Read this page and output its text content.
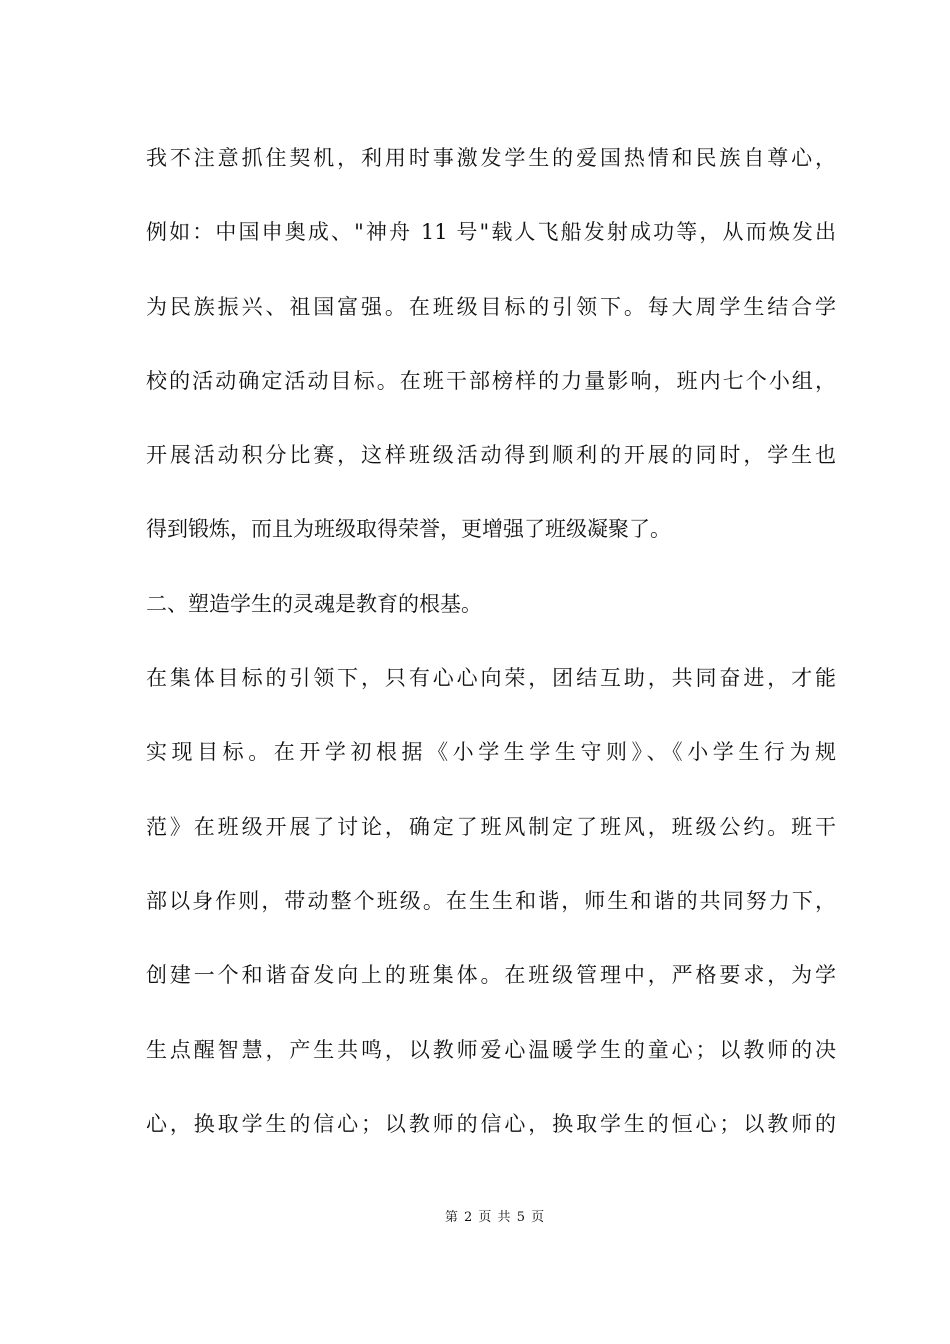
我不注意抓住契机，利用时事激发学生的爱国热情和民族自尊心，
例如：中国申奥成、"神舟 11 号"载人飞船发射成功等，从而焕发出
为民族振兴、祖国富强。在班级目标的引领下。每大周学生结合学
校的活动确定活动目标。在班干部榜样的力量影响，班内七个小组，
开展活动积分比赛，这样班级活动得到顺利的开展的同时，学生也
得到锻炼，而且为班级取得荣誉，更增强了班级凝聚了。
二、塑造学生的灵魂是教育的根基。
在集体目标的引领下，只有心心向荣，团结互助，共同奋进，才能
实现目标。在开学初根据《小学生学生守则》、《小学生行为规
范》在班级开展了讨论，确定了班风制定了班风，班级公约。班干
部以身作则，带动整个班级。在生生和谐，师生和谐的共同努力下，
创建一个和谐奋发向上的班集体。在班级管理中，严格要求，为学
生点醒智慧，产生共鸣，以教师爱心温暖学生的童心；以教师的决
心，换取学生的信心；以教师的信心，换取学生的恒心；以教师的
第 2 页 共 5 页
